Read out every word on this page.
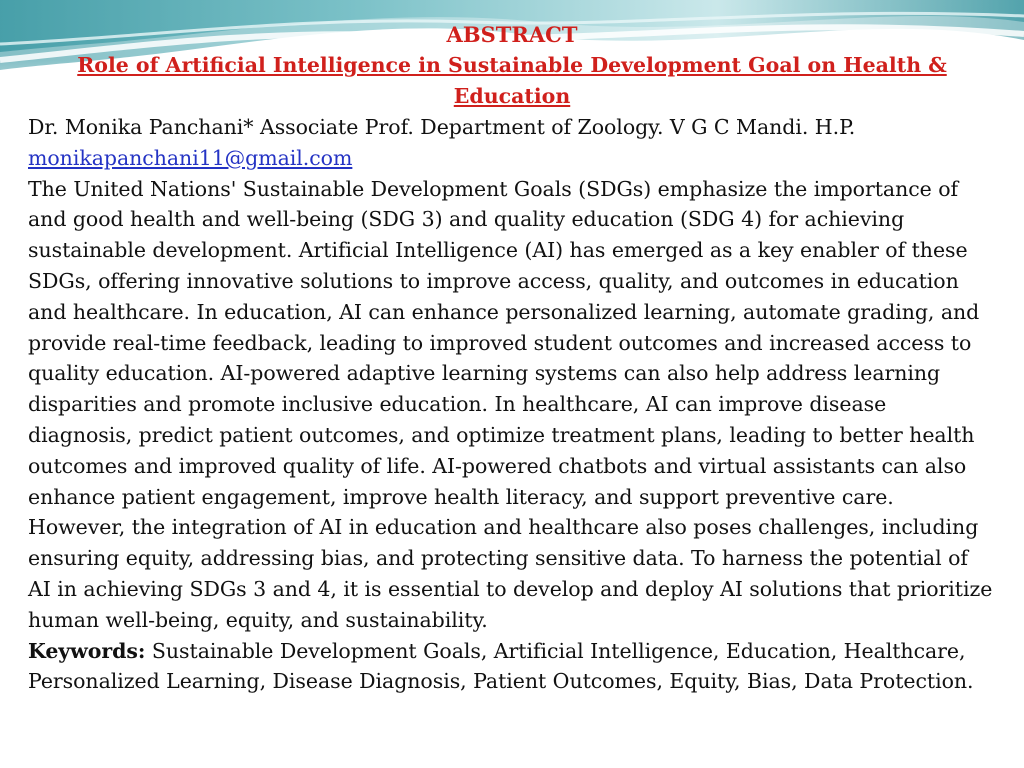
ABSTRACT

Role of Artificial Intelligence in Sustainable Development Goal on Health & Education

Dr. Monika Panchani* Associate Prof. Department of Zoology. V G C Mandi. H.P.

monikapanchani11@gmail.com

The United Nations' Sustainable Development Goals (SDGs) emphasize the importance of and good health and well-being (SDG 3) and quality education (SDG 4) for achieving sustainable development. Artificial Intelligence (AI) has emerged as a key enabler of these SDGs, offering innovative solutions to improve access, quality, and outcomes in education and healthcare. In education, AI can enhance personalized learning, automate grading, and provide real-time feedback, leading to improved student outcomes and increased access to quality education. AI-powered adaptive learning systems can also help address learning disparities and promote inclusive education. In healthcare, AI can improve disease diagnosis, predict patient outcomes, and optimize treatment plans, leading to better health outcomes and improved quality of life. AI-powered chatbots and virtual assistants can also enhance patient engagement, improve health literacy, and support preventive care. However, the integration of AI in education and healthcare also poses challenges, including ensuring equity, addressing bias, and protecting sensitive data. To harness the potential of AI in achieving SDGs 3 and 4, it is essential to develop and deploy AI solutions that prioritize human well-being, equity, and sustainability.

Keywords: Sustainable Development Goals, Artificial Intelligence, Education, Healthcare, Personalized Learning, Disease Diagnosis, Patient Outcomes, Equity, Bias, Data Protection.
